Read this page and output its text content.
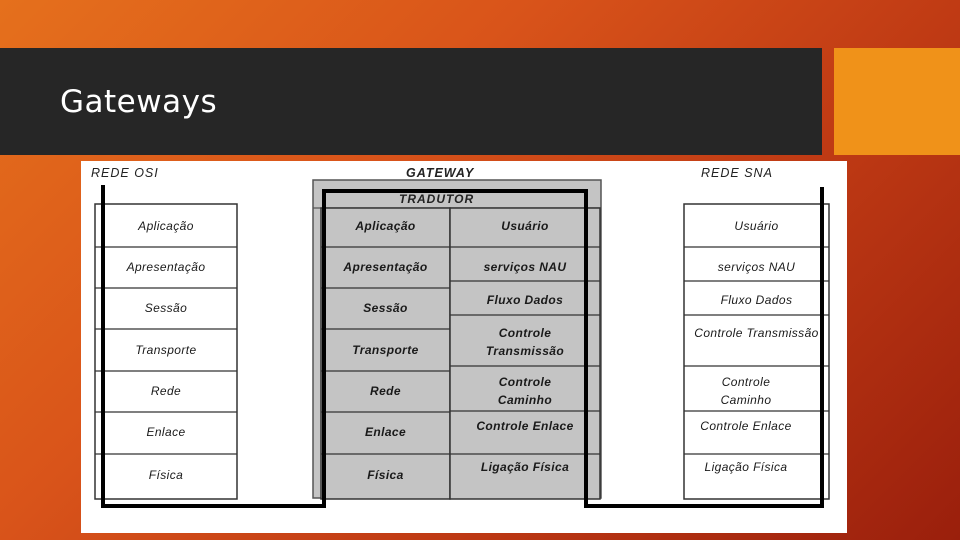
Gateways
REDE OSI	GATEWAY
TRADUTOR
REDE SNA
Aplicação
Apresentação
Sessão
Transporte
Rede
Enlace
Física
Aplicação
Apresentação
Sessão
Transporte
Rede
Enlace
Física
Usuário
serviços NAU
Fluxo Dados
Controle Transmissão
Controle Caminho
Controle Enlace
Ligação Física
Usuário
serviços NAU
Fluxo Dados
Controle Transmissão
Controle Caminho
Controle Enlace
Ligação Física
